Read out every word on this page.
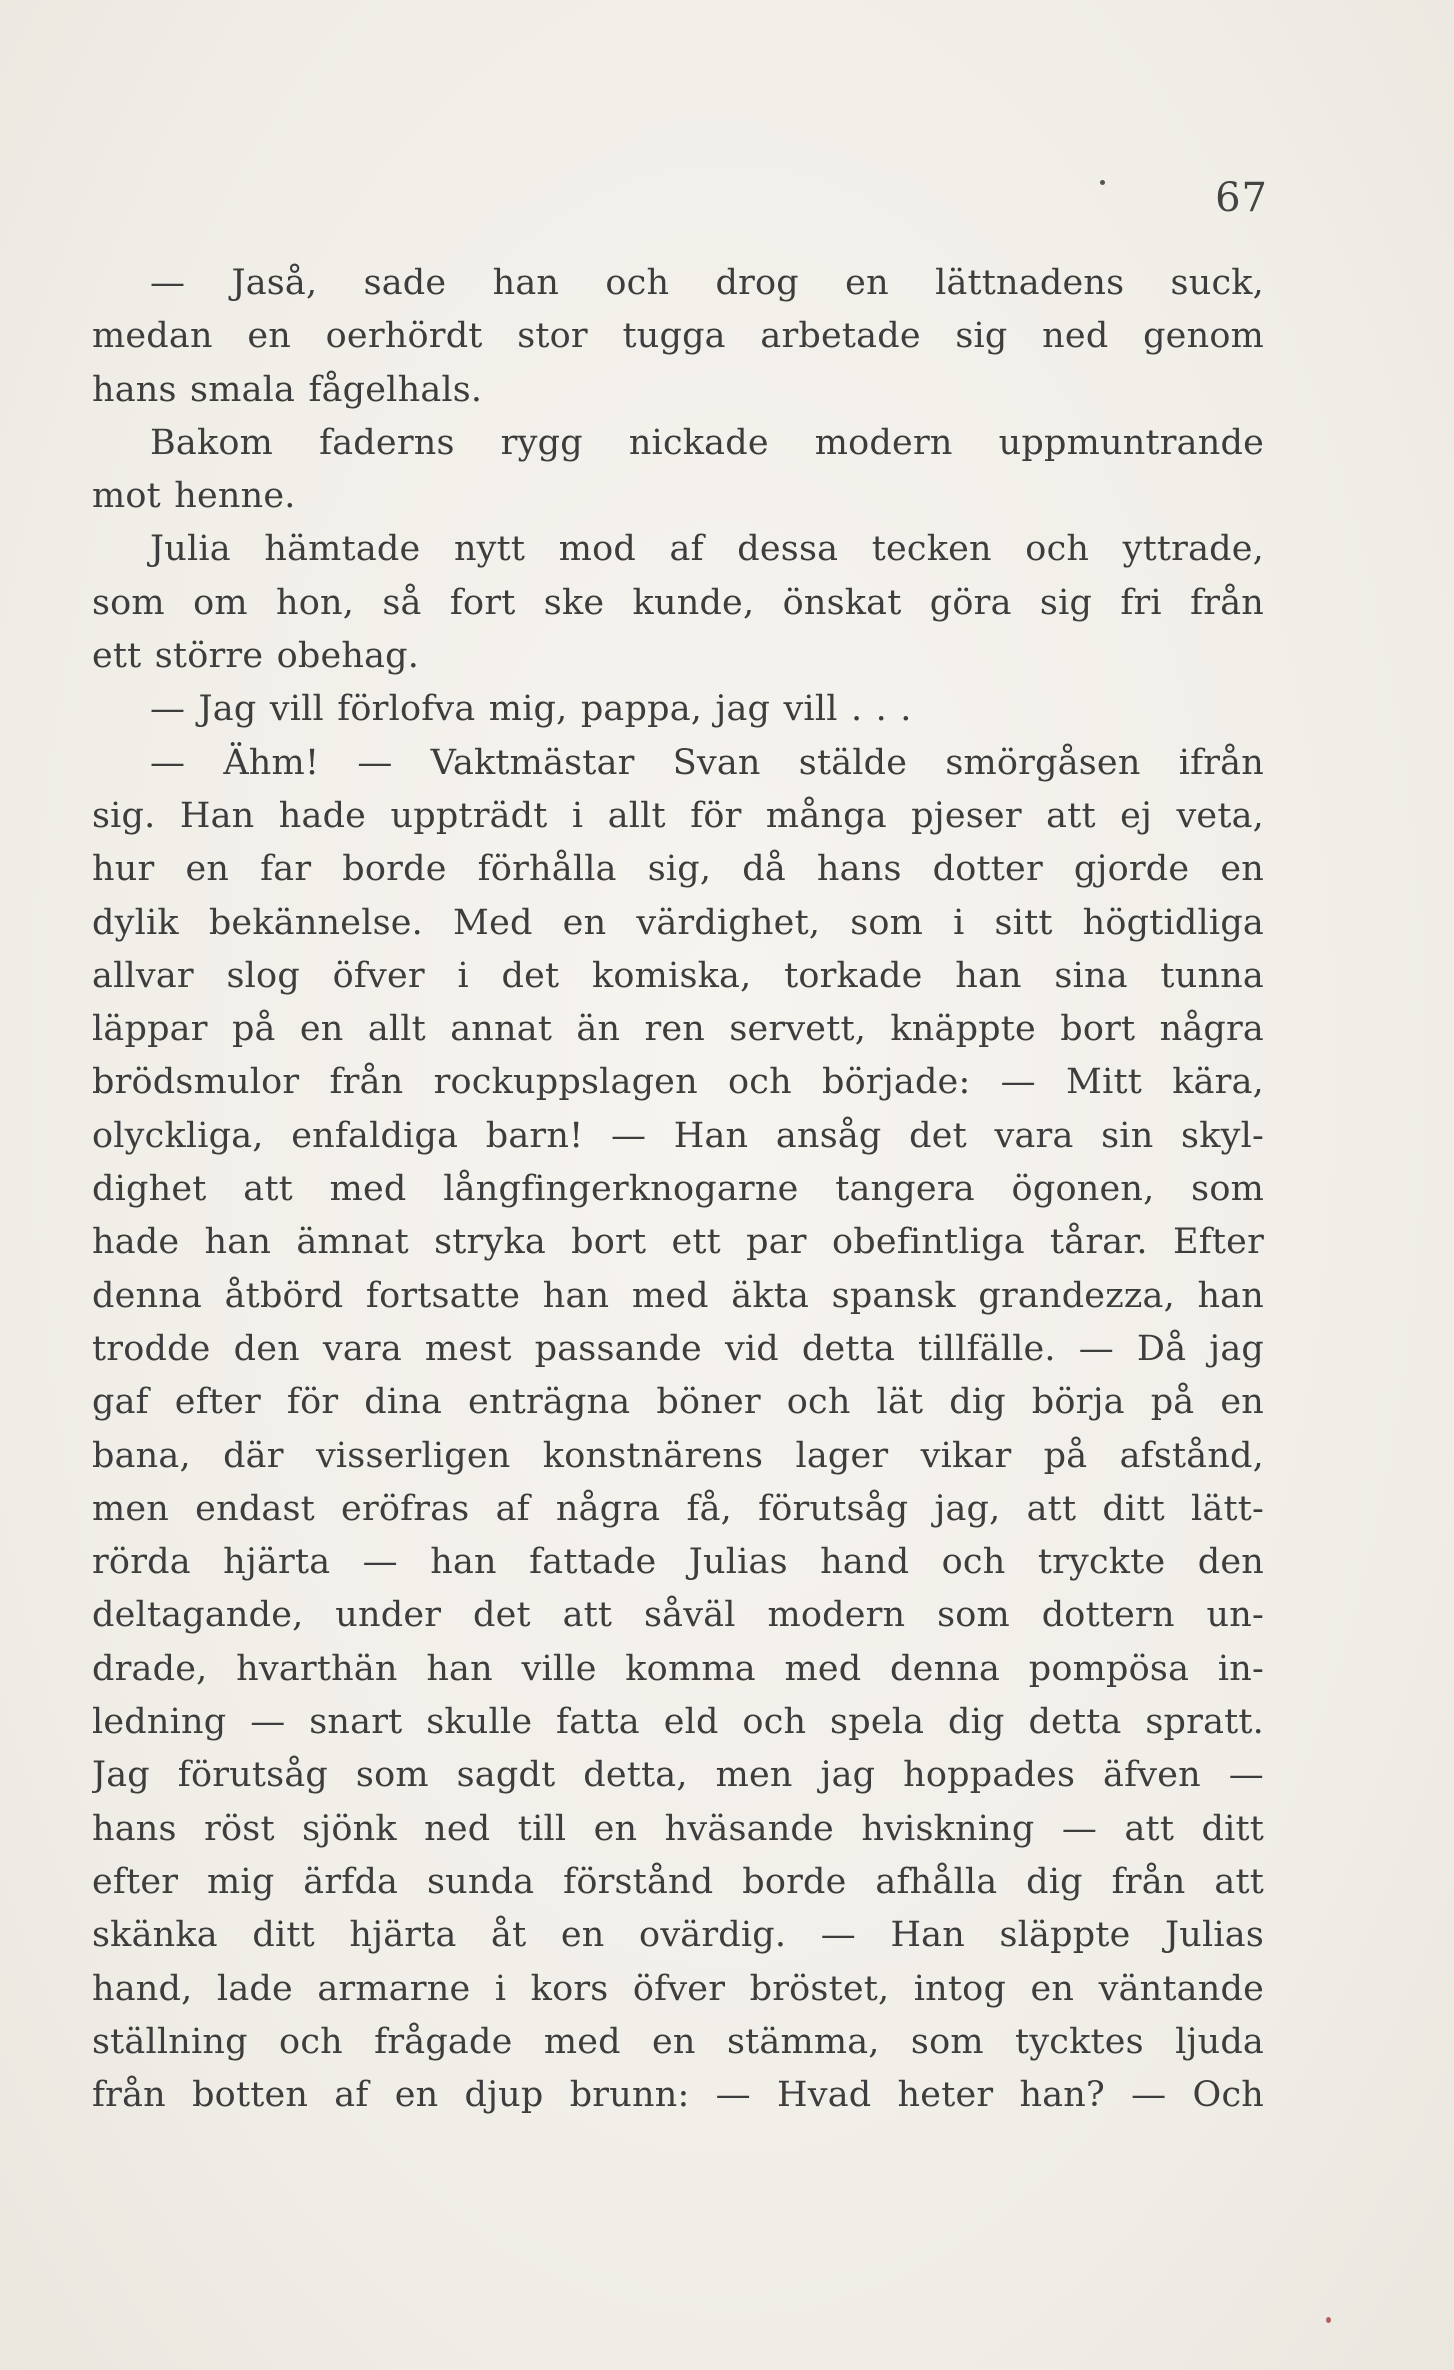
67
— Jaså, sade han och drog en lättnadens suck,
medan en oerhördt stor tugga arbetade sig ned genom
hans smala fågelhals.
Bakom faderns rygg nickade modern uppmuntrande
mot henne.
Julia hämtade nytt mod af dessa tecken och yttrade,
som om hon, så fort ske kunde, önskat göra sig fri från
ett större obehag.
— Jag vill förlofva mig, pappa, jag vill . . .
— Ähm! — Vaktmästar Svan stälde smörgåsen ifrån
sig. Han hade uppträdt i allt för många pjeser att ej veta,
hur en far borde förhålla sig, då hans dotter gjorde en
dylik bekännelse. Med en värdighet, som i sitt högtidliga
allvar slog öfver i det komiska, torkade han sina tunna
läppar på en allt annat än ren servett, knäppte bort några
brödsmulor från rockuppslagen och började: — Mitt kära,
olyckliga, enfaldiga barn! — Han ansåg det vara sin skyl-
dighet att med långfingerknogarne tangera ögonen, som
hade han ämnat stryka bort ett par obefintliga tårar. Efter
denna åtbörd fortsatte han med äkta spansk grandezza, han
trodde den vara mest passande vid detta tillfälle. — Då jag
gaf efter för dina enträgna böner och lät dig börja på en
bana, där visserligen konstnärens lager vikar på afstånd,
men endast eröfras af några få, förutsåg jag, att ditt lätt-
rörda hjärta — han fattade Julias hand och tryckte den
deltagande, under det att såväl modern som dottern un-
drade, hvarthän han ville komma med denna pompösa in-
ledning — snart skulle fatta eld och spela dig detta spratt.
Jag förutsåg som sagdt detta, men jag hoppades äfven —
hans röst sjönk ned till en hväsande hviskning — att ditt
efter mig ärfda sunda förstånd borde afhålla dig från att
skänka ditt hjärta åt en ovärdig. — Han släppte Julias
hand, lade armarne i kors öfver bröstet, intog en väntande
ställning och frågade med en stämma, som tycktes ljuda
från botten af en djup brunn: — Hvad heter han? — Och
